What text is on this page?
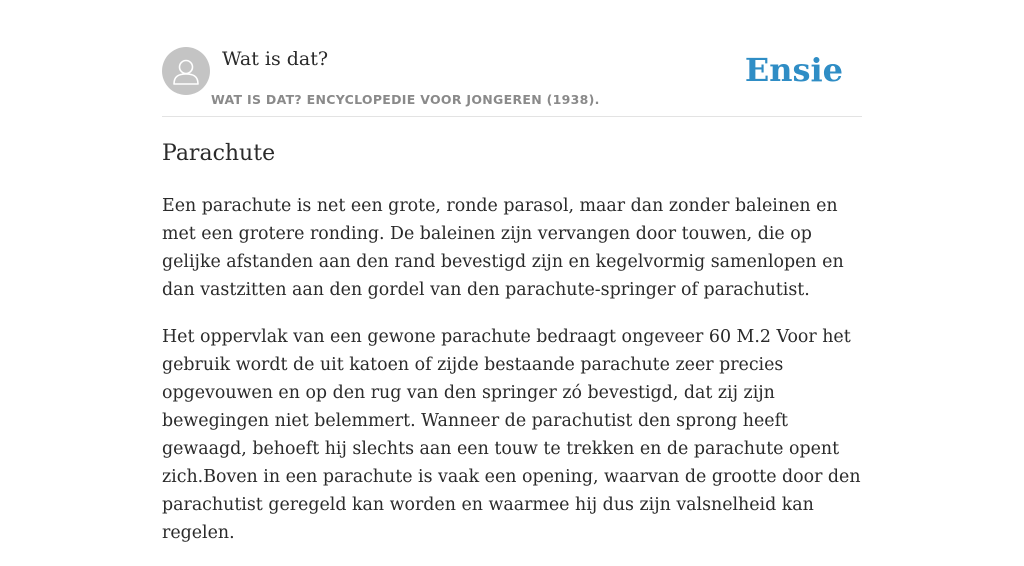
Wat is dat?
WAT IS DAT? ENCYCLOPEDIE VOOR JONGEREN (1938).
Ensie
Parachute

Een parachute is net een grote, ronde parasol, maar dan zonder baleinen en met een grotere ronding. De baleinen zijn vervangen door touwen, die op gelijke afstanden aan den rand bevestigd zijn en kegelvormig samenlopen en dan vastzitten aan den gordel van den parachute-springer of parachutist.

Het oppervlak van een gewone parachute bedraagt ongeveer 60 M.2 Voor het gebruik wordt de uit katoen of zijde bestaande parachute zeer precies opgevouwen en op den rug van den springer zó bevestigd, dat zij zijn bewegingen niet belemmert. Wanneer de parachutist den sprong heeft gewaagd, behoeft hij slechts aan een touw te trekken en de parachute opent zich.Boven in een parachute is vaak een opening, waarvan de grootte door den parachutist geregeld kan worden en waarmee hij dus zijn valsnelheid kan regelen.
